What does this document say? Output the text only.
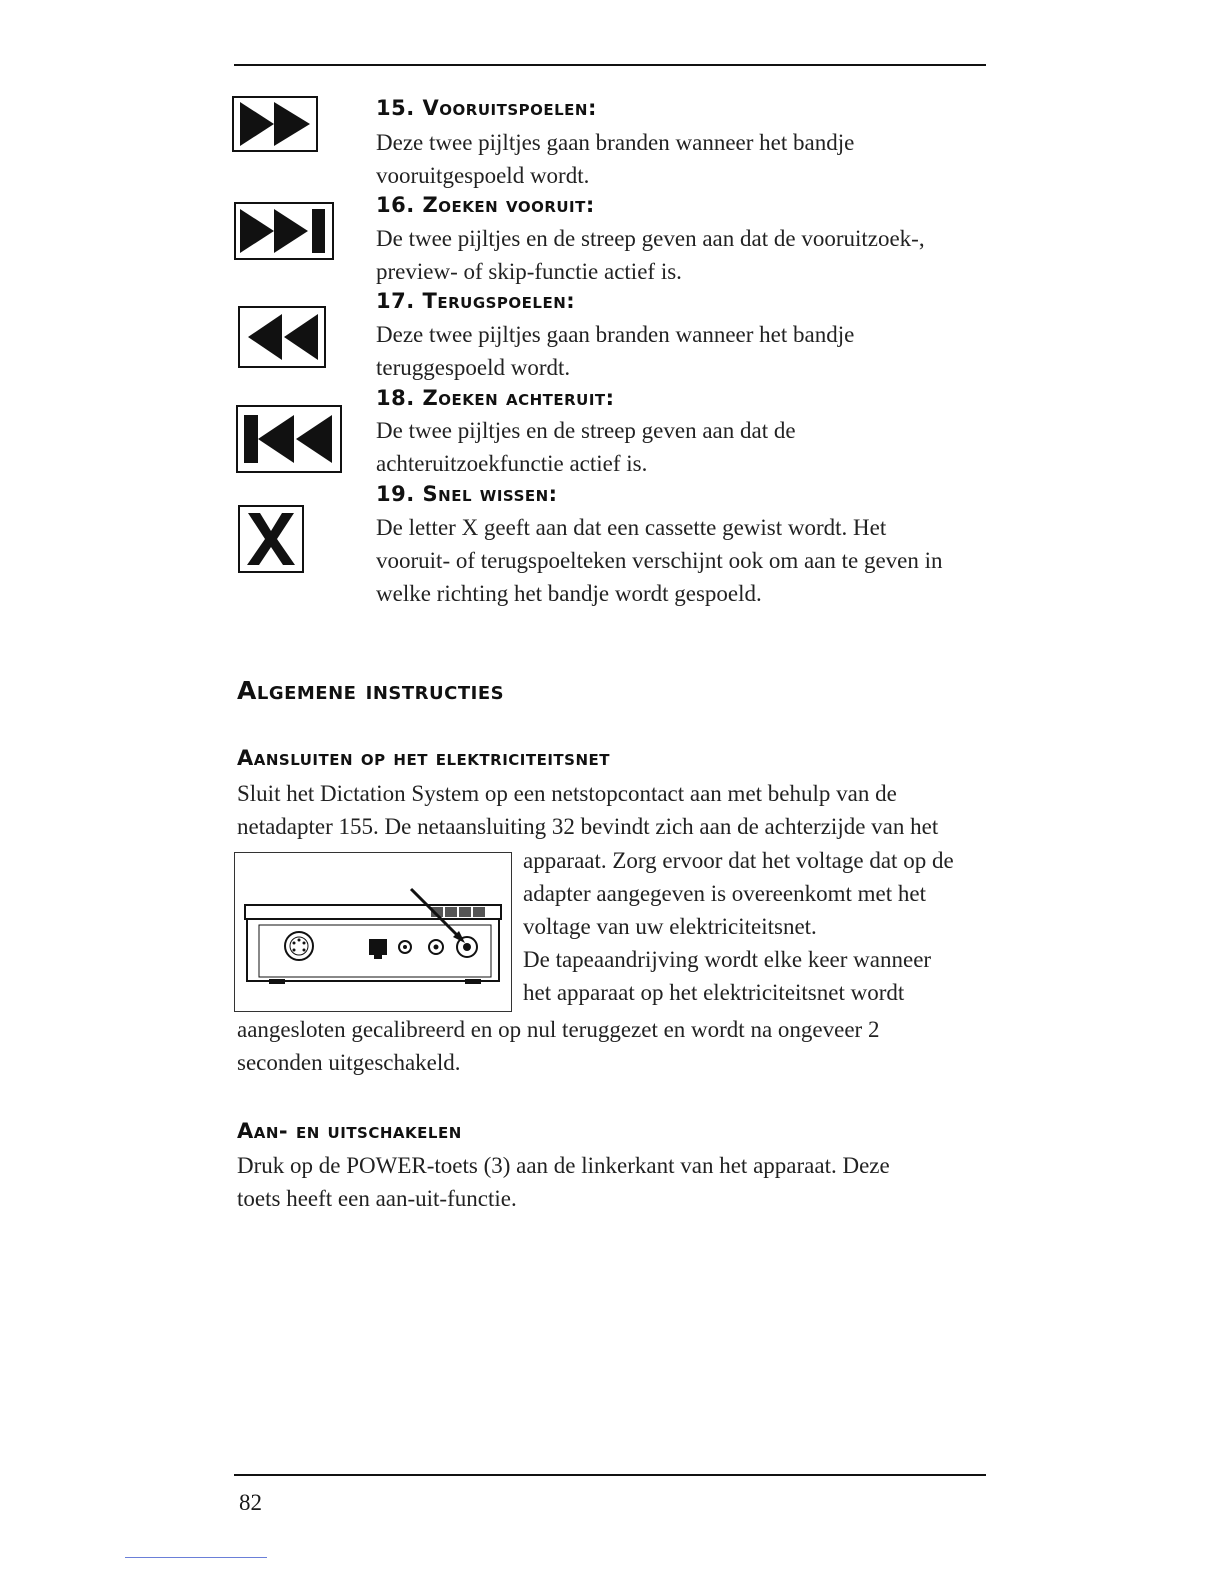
15. Vooruitspoelen:
Deze twee pijltjes gaan branden wanneer het bandje
vooruitgespoeld wordt.
16. Zoeken vooruit:
De twee pijltjes en de streep geven aan dat de vooruitzoek-,
preview- of skip-functie actief is.
17. Terugspoelen:
Deze twee pijltjes gaan branden wanneer het bandje
teruggespoeld wordt.
18. Zoeken achteruit:
De twee pijltjes en de streep geven aan dat de
achteruitzoekfunctie actief is.
19. Snel wissen:
De letter X geeft aan dat een cassette gewist wordt. Het
vooruit- of terugspoelteken verschijnt ook om aan te geven in
welke richting het bandje wordt gespoeld.
Algemene instructies
Aansluiten op het elektriciteitsnet
Sluit het Dictation System op een netstopcontact aan met behulp van de
netadapter 155. De netaansluiting 32 bevindt zich aan de achterzijde van het
apparaat. Zorg ervoor dat het voltage dat op de
adapter aangegeven is overeenkomt met het
voltage van uw elektriciteitsnet.
De tapeaandrijving wordt elke keer wanneer
het apparaat op het elektriciteitsnet wordt
aangesloten gecalibreerd en op nul teruggezet en wordt na ongeveer 2
seconden uitgeschakeld.
Aan- en uitschakelen
Druk op de POWER-toets (3) aan de linkerkant van het apparaat. Deze
toets heeft een aan-uit-functie.
82
